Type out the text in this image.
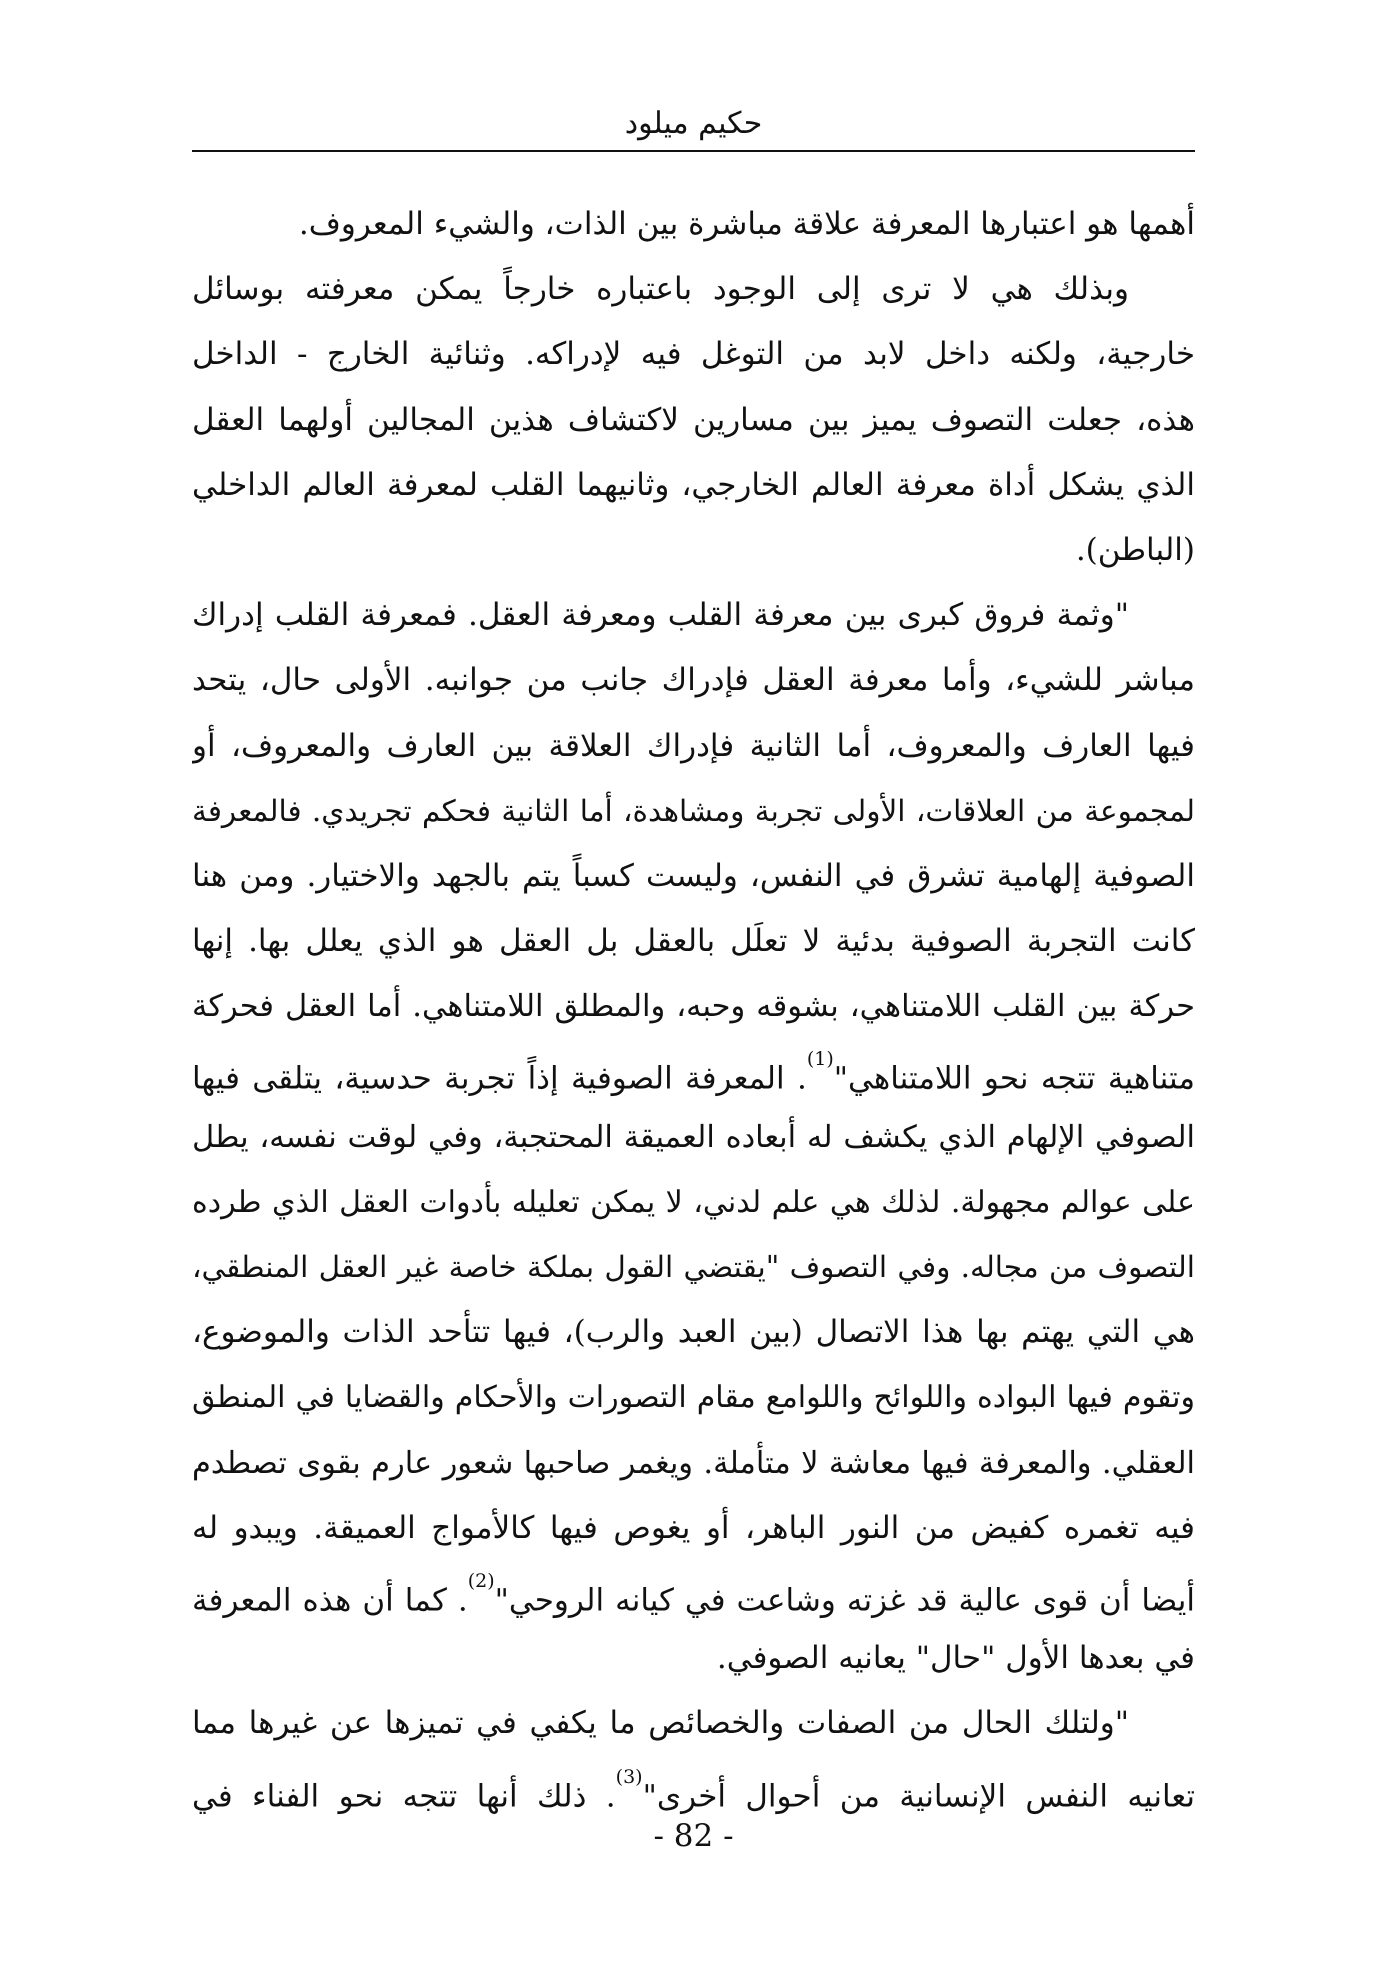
حكيم ميلود

أهمها هو اعتبارها المعرفة علاقة مباشرة بين الذات، والشيء المعروف.

وبذلك هي لا ترى إلى الوجود باعتباره خارجاً يمكن معرفته بوسائل
خارجية، ولكنه داخل لابد من التوغل فيه لإدراكه. وثنائية الخارج - الداخل
هذه، جعلت التصوف يميز بين مسارين لاكتشاف هذين المجالين أولهما العقل
الذي يشكل أداة معرفة العالم الخارجي، وثانيهما القلب لمعرفة العالم الداخلي
(الباطن).

"وثمة فروق كبرى بين معرفة القلب ومعرفة العقل. فمعرفة القلب إدراك
مباشر للشيء، وأما معرفة العقل فإدراك جانب من جوانبه. الأولى حال، يتحد
فيها العارف والمعروف، أما الثانية فإدراك العلاقة بين العارف والمعروف، أو
لمجموعة من العلاقات، الأولى تجربة ومشاهدة، أما الثانية فحكم تجريدي. فالمعرفة
الصوفية إلهامية تشرق في النفس، وليست كسباً يتم بالجهد والاختيار. ومن هنا
كانت التجربة الصوفية بدئية لا تعلَل بالعقل بل العقل هو الذي يعلل بها. إنها
حركة بين القلب اللامتناهي، بشوقه وحبه، والمطلق اللامتناهي. أما العقل فحركة
متناهية تتجه نحو اللامتناهي"$^{(1)}$. المعرفة الصوفية إذاً تجربة حدسية، يتلقى فيها
الصوفي الإلهام الذي يكشف له أبعاده العميقة المحتجبة، وفي لوقت نفسه، يطل
على عوالم مجهولة. لذلك هي علم لدني، لا يمكن تعليله بأدوات العقل الذي طرده
التصوف من مجاله. وفي التصوف "يقتضي القول بملكة خاصة غير العقل المنطقي،
هي التي يهتم بها هذا الاتصال (بين العبد والرب)، فيها تتأحد الذات والموضوع،
وتقوم فيها البواده واللوائح واللوامع مقام التصورات والأحكام والقضايا في المنطق
العقلي. والمعرفة فيها معاشة لا متأملة. ويغمر صاحبها شعور عارم بقوى تصطدم
فيه تغمره كفيض من النور الباهر، أو يغوص فيها كالأمواج العميقة. ويبدو له
أيضا أن قوى عالية قد غزته وشاعت في كيانه الروحي"$^{(2)}$. كما أن هذه المعرفة
في بعدها الأول "حال" يعانيه الصوفي.

"ولتلك الحال من الصفات والخصائص ما يكفي في تميزها عن غيرها مما
تعانيه النفس الإنسانية من أحوال أخرى"$^{(3)}$. ذلك أنها تتجه نحو الفناء في

- 82 -
